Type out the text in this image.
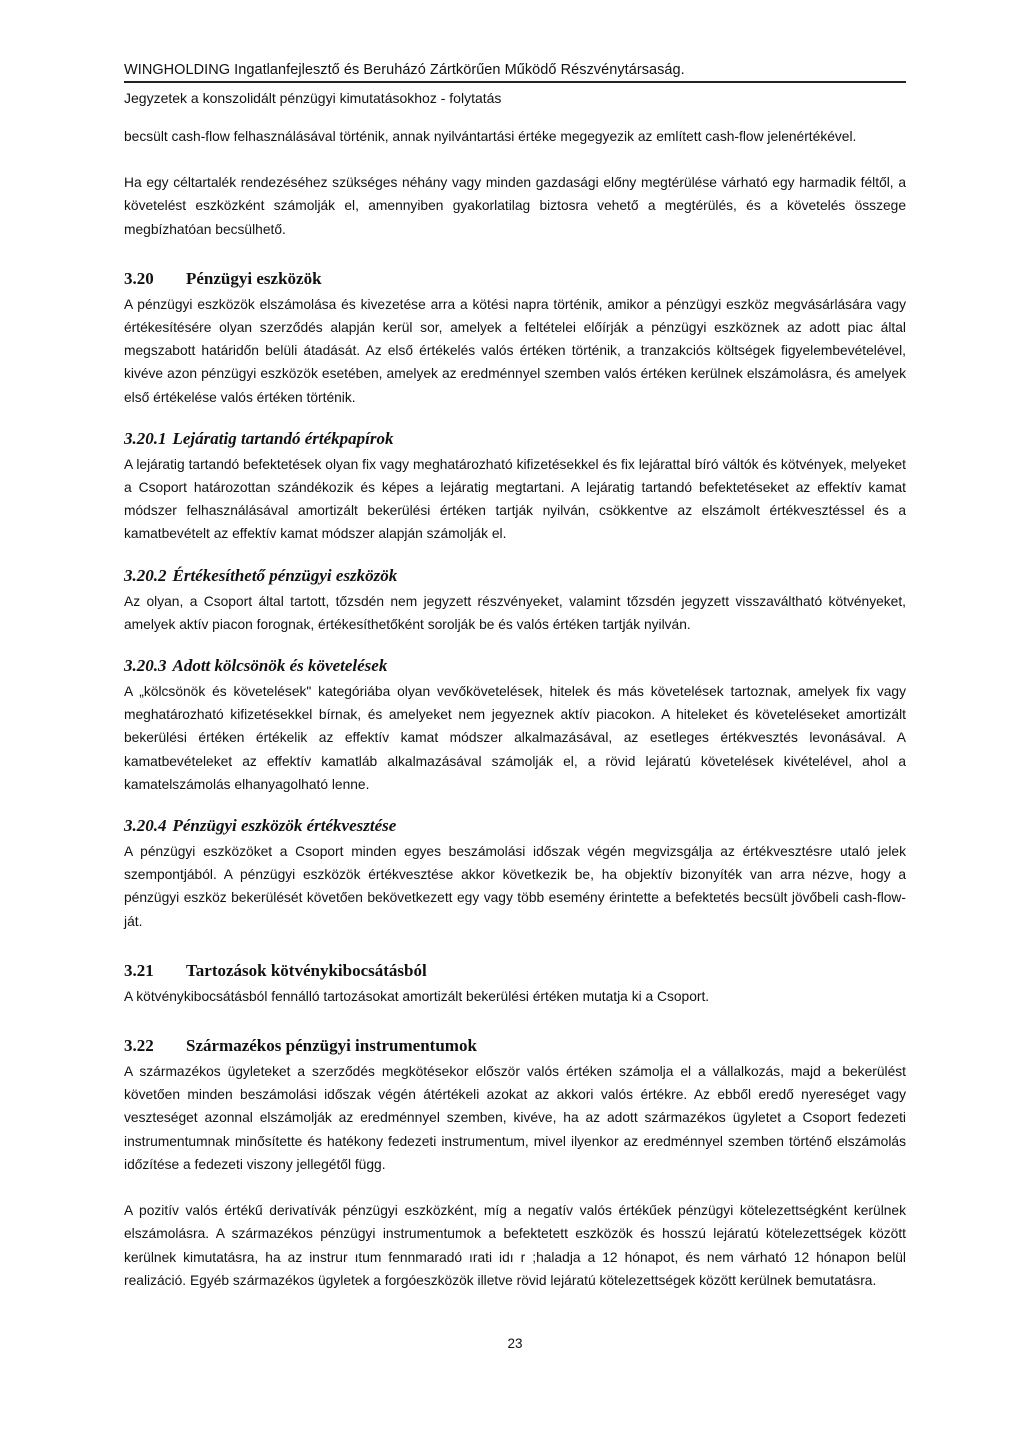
WINGHOLDING Ingatlanfejlesztő és Beruházó Zártkörűen Működő Részvénytársaság.
Jegyzetek a konszolidált pénzügyi kimutatásokhoz - folytatás

becsült cash-flow felhasználásával történik, annak nyilvántartási értéke megegyezik az említett cash-flow jelenértékével.

Ha egy céltartalék rendezéséhez szükséges néhány vagy minden gazdasági előny megtérülése várható egy harmadik féltől, a követelést eszközként számolják el, amennyiben gyakorlatilag biztosra vehető a megtérülés, és a követelés összege megbízhatóan becsülhető.

3.20	Pénzügyi eszközök

A pénzügyi eszközök elszámolása és kivezetése arra a kötési napra történik, amikor a pénzügyi eszköz megvásárlására vagy értékesítésére olyan szerződés alapján kerül sor, amelyek a feltételei előírják a pénzügyi eszköznek az adott piac által megszabott határidőn belüli átadását. Az első értékelés valós értéken történik, a tranzakciós költségek figyelembevételével, kivéve azon pénzügyi eszközök esetében, amelyek az eredménnyel szemben valós értéken kerülnek elszámolásra, és amelyek első értékelése valós értéken történik.

3.20.1 Lejáratig tartandó értékpapírok

A lejáratig tartandó befektetések olyan fix vagy meghatározható kifizetésekkel és fix lejárattal bíró váltók és kötvények, melyeket a Csoport határozottan szándékozik és képes a lejáratig megtartani. A lejáratig tartandó befektetéseket az effektív kamat módszer felhasználásával amortizált bekerülési értéken tartják nyilván, csökkentve az elszámolt értékvesztéssel és a kamatbevételt az effektív kamat módszer alapján számolják el.

3.20.2 Értékesíthető pénzügyi eszközök

Az olyan, a Csoport által tartott, tőzsdén nem jegyzett részvényeket, valamint tőzsdén jegyzett visszaváltható kötvényeket, amelyek aktív piacon forognak, értékesíthetőként sorolják be és valós értéken tartják nyilván.

3.20.3 Adott kölcsönök és követelések

A „kölcsönök és követelések" kategóriába olyan vevőkövetelések, hitelek és más követelések tartoznak, amelyek fix vagy meghatározható kifizetésekkel bírnak, és amelyeket nem jegyeznek aktív piacokon. A hiteleket és követeléseket amortizált bekerülési értéken értékelik az effektív kamat módszer alkalmazásával, az esetleges értékvesztés levonásával. A kamatbevételeket az effektív kamatláb alkalmazásával számolják el, a rövid lejáratú követelések kivételével, ahol a kamatelszámolás elhanyagolható lenne.

3.20.4 Pénzügyi eszközök értékvesztése

A pénzügyi eszközöket a Csoport minden egyes beszámolási időszak végén megvizsgálja az értékvesztésre utaló jelek szempontjából. A pénzügyi eszközök értékvesztése akkor következik be, ha objektív bizonyíték van arra nézve, hogy a pénzügyi eszköz bekerülését követően bekövetkezett egy vagy több esemény érintette a befektetés becsült jövőbeli cash-flow-ját.

3.21	Tartozások kötvénykibocsátásból

A kötvénykibocsátásból fennálló tartozásokat amortizált bekerülési értéken mutatja ki a Csoport.

3.22	Származékos pénzügyi instrumentumok

A származékos ügyleteket a szerződés megkötésekor először valós értéken számolja el a vállalkozás, majd a bekerülést követően minden beszámolási időszak végén átértékeli azokat az akkori valós értékre. Az ebből eredő nyereséget vagy veszteséget azonnal elszámolják az eredménnyel szemben, kivéve, ha az adott származékos ügyletet a Csoport fedezeti instrumentumnak minősítette és hatékony fedezeti instrumentum, mivel ilyenkor az eredménnyel szemben történő elszámolás időzítése a fedezeti viszony jellegétől függ.

A pozitív valós értékű derivatívák pénzügyi eszközként, míg a negatív valós értékűek pénzügyi kötelezettségként kerülnek elszámolásra. A származékos pénzügyi instrumentumok a befektetett eszközök és hosszú lejáratú kötelezettségek között kerülnek kimutatásra, ha az instrur ıtum fennmaradó ırati idı r ;haladja a 12 hónapot, és nem várható 12 hónapon belül realizáció. Egyéb származékos ügyletek a forgóeszközök illetve rövid lejáratú kötelezettségek között kerülnek bemutatásra.

23
